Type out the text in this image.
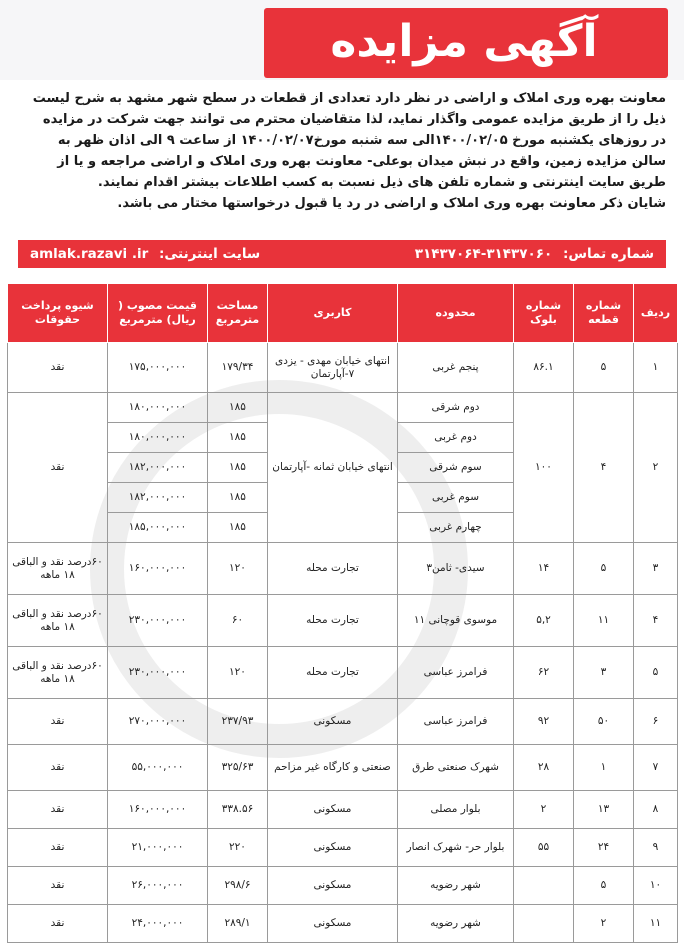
آگهی مزایده زمین

معاونت بهره وری املاک و اراضی در نظر دارد تعدادی از قطعات در سطح شهر مشهد به شرح لیست

ذیل را از طریق مزایده عمومی واگذار نماید، لذا متقاضیان محترم می توانند جهت شرکت در مزایده

در روزهای یکشنبه مورخ ۱۴۰۰/۰۲/۰۵الی سه شنبه مورخ۱۴۰۰/۰۲/۰۷ از ساعت ۹ الی اذان ظهر به

سالن مزایده زمین، واقع در نبش میدان بوعلی- معاونت بهره وری املاک و اراضی مراجعه و یا از

طریق سایت اینترنتی و شماره تلفن های ذیل نسبت به کسب اطلاعات بیشتر اقدام نمایند.

شایان ذکر معاونت بهره وری املاک و اراضی در رد یا قبول درخواستها مختار می باشد.

شماره تماس: ۳۱۴۳۷۰۶۰-۳۱۴۳۷۰۶۴
سایت اینترنتی: amlak.razavi .ir
ردیف	شماره قطعه	شماره بلوک	محدوده	کاربری	مساحت مترمربع	قیمت مصوب ( ریال) مترمربع	شیوه پرداخت حقوقات
۱	۵	۸۶.۱	پنجم غربی	انتهای خیابان مهدی - یزدی ۷-آپارتمان	۱۷۹/۳۴	۱۷۵,۰۰۰,۰۰۰	نقد
۲	۴	۱۰۰	دوم شرقی	انتهای خیابان ثمانه -آپارتمان	۱۸۵	۱۸۰,۰۰۰,۰۰۰	نقد
			دوم غربی		۱۸۵	۱۸۰,۰۰۰,۰۰۰	
			سوم شرقی		۱۸۵	۱۸۲,۰۰۰,۰۰۰	
			سوم غربی		۱۸۵	۱۸۲,۰۰۰,۰۰۰	
			چهارم غربی		۱۸۵	۱۸۵,۰۰۰,۰۰۰	
۳	۵	۱۴	سیدی- ثامن۳	تجارت محله	۱۲۰	۱۶۰,۰۰۰,۰۰۰	۶۰درصد نقد و الباقی ۱۸ ماهه
۴	۱۱	۵,۲	موسوی قوچانی ۱۱	تجارت محله	۶۰	۲۳۰,۰۰۰,۰۰۰	۶۰درصد نقد و الباقی ۱۸ ماهه
۵	۳	۶۲	فرامرز عباسی	تجارت محله	۱۲۰	۲۳۰,۰۰۰,۰۰۰	۶۰درصد نقد و الباقی ۱۸ ماهه
۶	۵۰	۹۲	فرامرز عباسی	مسکونی	۲۳۷/۹۳	۲۷۰,۰۰۰,۰۰۰	نقد
۷	۱	۲۸	شهرک صنعتی طرق	صنعتی و کارگاه غیر مزاحم	۳۲۵/۶۳	۵۵,۰۰۰,۰۰۰	نقد
۸	۱۳	۲	بلوار مصلی	مسکونی	۳۳۸.۵۶	۱۶۰,۰۰۰,۰۰۰	نقد
۹	۲۴	۵۵	بلوار حر- شهرک انصار	مسکونی	۲۲۰	۲۱,۰۰۰,۰۰۰	نقد
۱۰	۵		شهر رضویه	مسکونی	۲۹۸/۶	۲۶,۰۰۰,۰۰۰	نقد
۱۱	۲		شهر رضویه	مسکونی	۲۸۹/۱	۲۴,۰۰۰,۰۰۰	نقد
